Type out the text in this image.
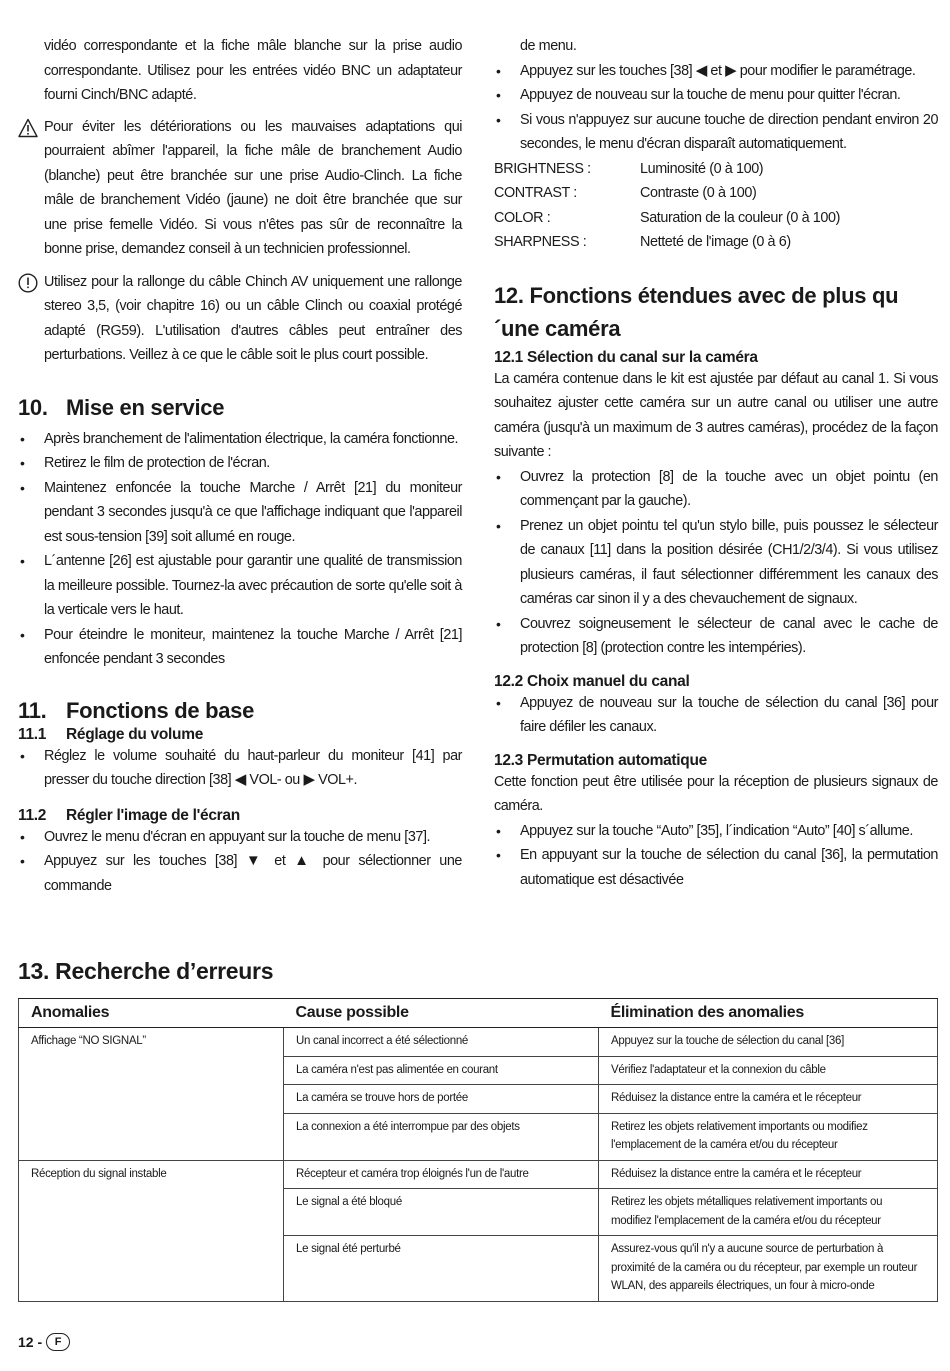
vidéo correspondante et la fiche mâle blanche sur la prise audio correspondante. Utilisez pour les entrées vidéo BNC un adaptateur fourni Cinch/BNC adapté.

Pour éviter les détériorations ou les mauvaises adaptations qui pourraient abîmer l'appareil, la fiche mâle de branchement Audio (blanche) peut être branchée sur une prise Audio-Clinch. La fiche mâle de branchement Vidéo (jaune) ne doit être branchée que sur une prise femelle Vidéo. Si vous n'êtes pas sûr de reconnaître la bonne prise, demandez conseil à un technicien professionnel.

Utilisez pour la rallonge du câble Chinch AV uniquement une rallonge stereo 3,5, (voir chapitre 16) ou un câble Clinch ou coaxial protégé adapté (RG59). L'utilisation d'autres câbles peut entraîner des perturbations. Veillez à ce que le câble soit le plus court possible.

10. Mise en service
• Après branchement de l'alimentation électrique, la caméra fonctionne.
• Retirez le film de protection de l'écran.
• Maintenez enfoncée la touche Marche / Arrêt [21] du moniteur pendant 3 secondes jusqu'à ce que l'affichage indiquant que l'appareil est sous-tension [39] soit allumé en rouge.
• L´antenne [26] est ajustable pour garantir une qualité de transmission la meilleure possible. Tournez-la avec précaution de sorte qu'elle soit à la verticale vers le haut.
• Pour éteindre le moniteur, maintenez la touche Marche / Arrêt [21] enfoncée pendant 3 secondes
11. Fonctions de base
11.1 Réglage du volume
• Réglez le volume souhaité du haut-parleur du moniteur [41] par presser du touche direction [38] ◀ VOL- ou ▶ VOL+.
11.2 Régler l'image de l'écran
• Ouvrez le menu d'écran en appuyant sur la touche de menu [37].
• Appuyez sur les touches [38] ▼ et ▲ pour sélectionner une commande

de menu.

• Appuyez sur les touches [38] ◀ et ▶ pour modifier le paramétrage.
• Appuyez de nouveau sur la touche de menu pour quitter l'écran.
• Si vous n'appuyez sur aucune touche de direction pendant environ 20 secondes, le menu d'écran disparaît automatiquement.
BRIGHTNESS :	Luminosité (0 à 100)
CONTRAST :	Contraste (0 à 100)
COLOR :	Saturation de la couleur (0 à 100)
SHARPNESS :	Netteté de l'image (0 à 6)
12. Fonctions étendues avec de plus qu´une caméra
12.1 Sélection du canal sur la caméra

La caméra contenue dans le kit est ajustée par défaut au canal 1. Si vous souhaitez ajuster cette caméra sur un autre canal ou utiliser une autre caméra (jusqu'à un maximum de 3 autres caméras), procédez de la façon suivante :

• Ouvrez la protection [8] de la touche avec un objet pointu (en commençant par la gauche).
• Prenez un objet pointu tel qu'un stylo bille, puis poussez le sélecteur de canaux [11] dans la position désirée (CH1/2/3/4). Si vous utilisez plusieurs caméras, il faut sélectionner différemment les canaux des caméras car sinon il y a des chevauchement de signaux.
• Couvrez soigneusement le sélecteur de canal avec le cache de protection [8] (protection contre les intempéries).
12.2 Choix manuel du canal
• Appuyez de nouveau sur la touche de sélection du canal [36] pour faire défiler les canaux.
12.3 Permutation automatique

Cette fonction peut être utilisée pour la réception de plusieurs signaux de caméra.

• Appuyez sur la touche “Auto” [35], l´indication “Auto” [40] s´allume.
• En appuyant sur la touche de sélection du canal [36], la permutation automatique est désactivée
13. Recherche d’erreurs
Anomalies	Cause possible	Élimination des anomalies
Affichage “NO SIGNAL”	Un canal incorrect a été sélectionné	Appuyez sur la touche de sélection du canal [36]
	La caméra n'est pas alimentée en courant	Vérifiez l'adaptateur et la connexion du câble
	La caméra se trouve hors de portée	Réduisez la distance entre la caméra et le récepteur
	La connexion a été interrompue par des objets	Retirez les objets relativement importants ou modifiez l'emplacement de la caméra et/ou du récepteur
Réception du signal instable	Récepteur et caméra trop éloignés l'un de l'autre	Réduisez la distance entre la caméra et le récepteur
	Le signal a été bloqué	Retirez les objets métalliques relativement importants ou modifiez l'emplacement de la caméra et/ou du récepteur
	Le signal été perturbé	Assurez-vous qu'il n'y a aucune source de perturbation à proximité de la caméra ou du récepteur, par exemple un routeur WLAN, des appareils électriques, un four à micro-onde
12 -	F
